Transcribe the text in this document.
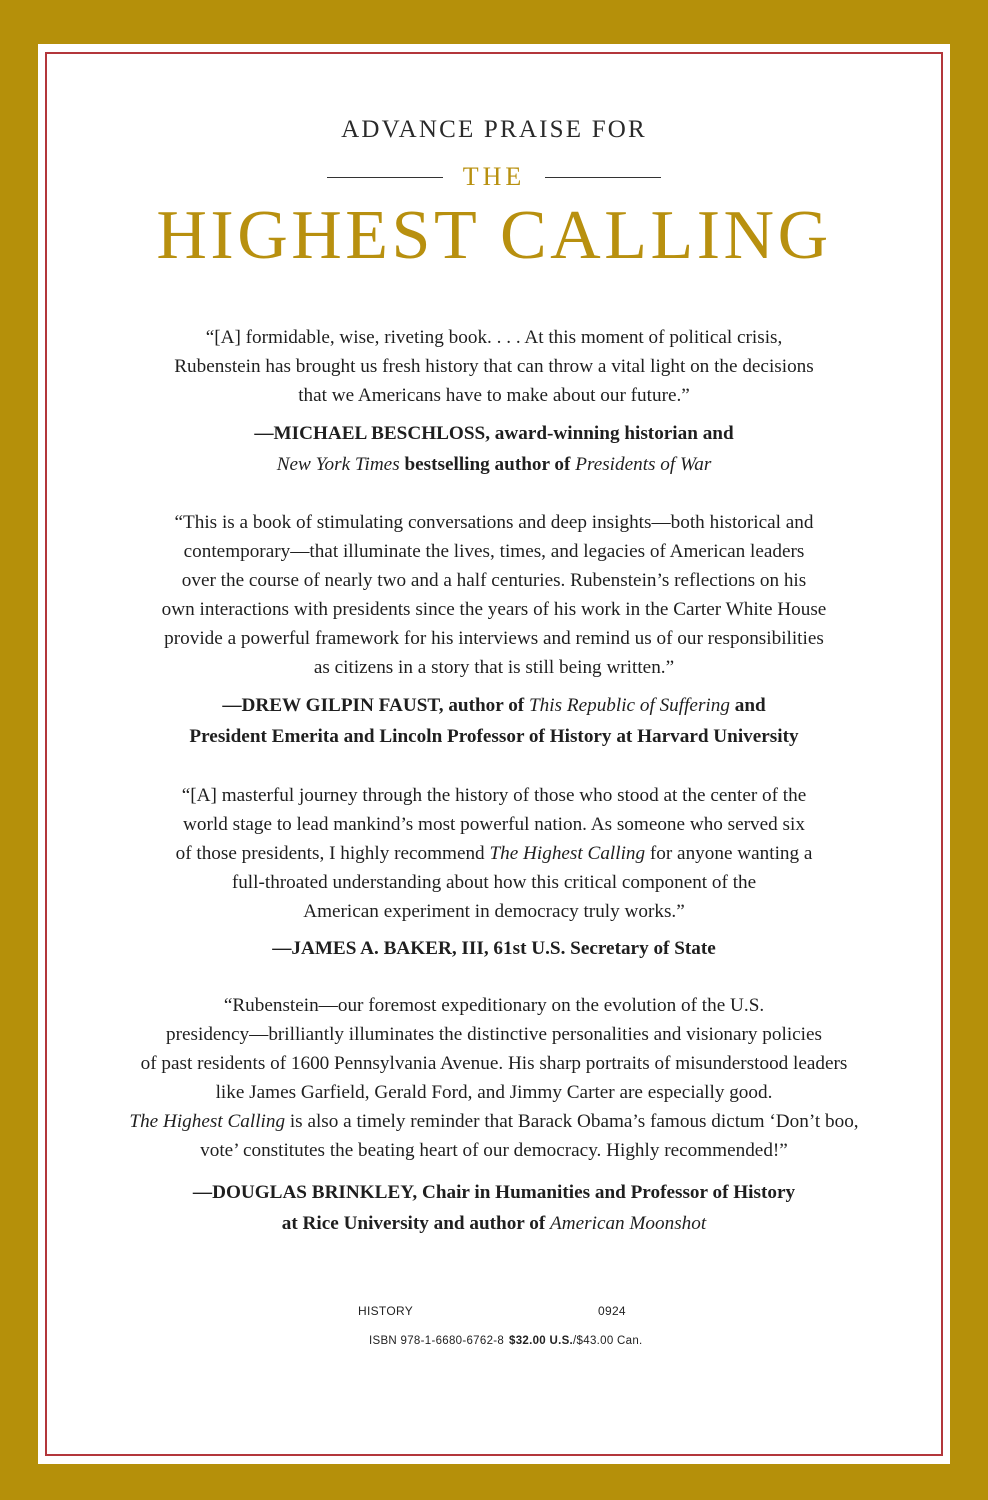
ADVANCE PRAISE FOR
THE
HIGHEST CALLING
“[A] formidable, wise, riveting book. . . . At this moment of political crisis,
Rubenstein has brought us fresh history that can throw a vital light on the decisions
that we Americans have to make about our future.”
—MICHAEL BESCHLOSS, award-winning historian and
New York Times bestselling author of Presidents of War
“This is a book of stimulating conversations and deep insights—both historical and
contemporary—that illuminate the lives, times, and legacies of American leaders
over the course of nearly two and a half centuries. Rubenstein’s reflections on his
own interactions with presidents since the years of his work in the Carter White House
provide a powerful framework for his interviews and remind us of our responsibilities
as citizens in a story that is still being written.”
—DREW GILPIN FAUST, author of This Republic of Suffering and
President Emerita and Lincoln Professor of History at Harvard University
“[A] masterful journey through the history of those who stood at the center of the
world stage to lead mankind’s most powerful nation. As someone who served six
of those presidents, I highly recommend The Highest Calling for anyone wanting a
full-throated understanding about how this critical component of the
American experiment in democracy truly works.”
—JAMES A. BAKER, III, 61st U.S. Secretary of State
“Rubenstein—our foremost expeditionary on the evolution of the U.S.
presidency—brilliantly illuminates the distinctive personalities and visionary policies
of past residents of 1600 Pennsylvania Avenue. His sharp portraits of misunderstood leaders
like James Garfield, Gerald Ford, and Jimmy Carter are especially good.
The Highest Calling is also a timely reminder that Barack Obama’s famous dictum ‘Don’t boo,
vote’ constitutes the beating heart of our democracy. Highly recommended!”
—DOUGLAS BRINKLEY, Chair in Humanities and Professor of History
at Rice University and author of American Moonshot
HISTORY	0924
ISBN 978-1-6680-6762-8 $32.00 U.S./$43.00 Can.
